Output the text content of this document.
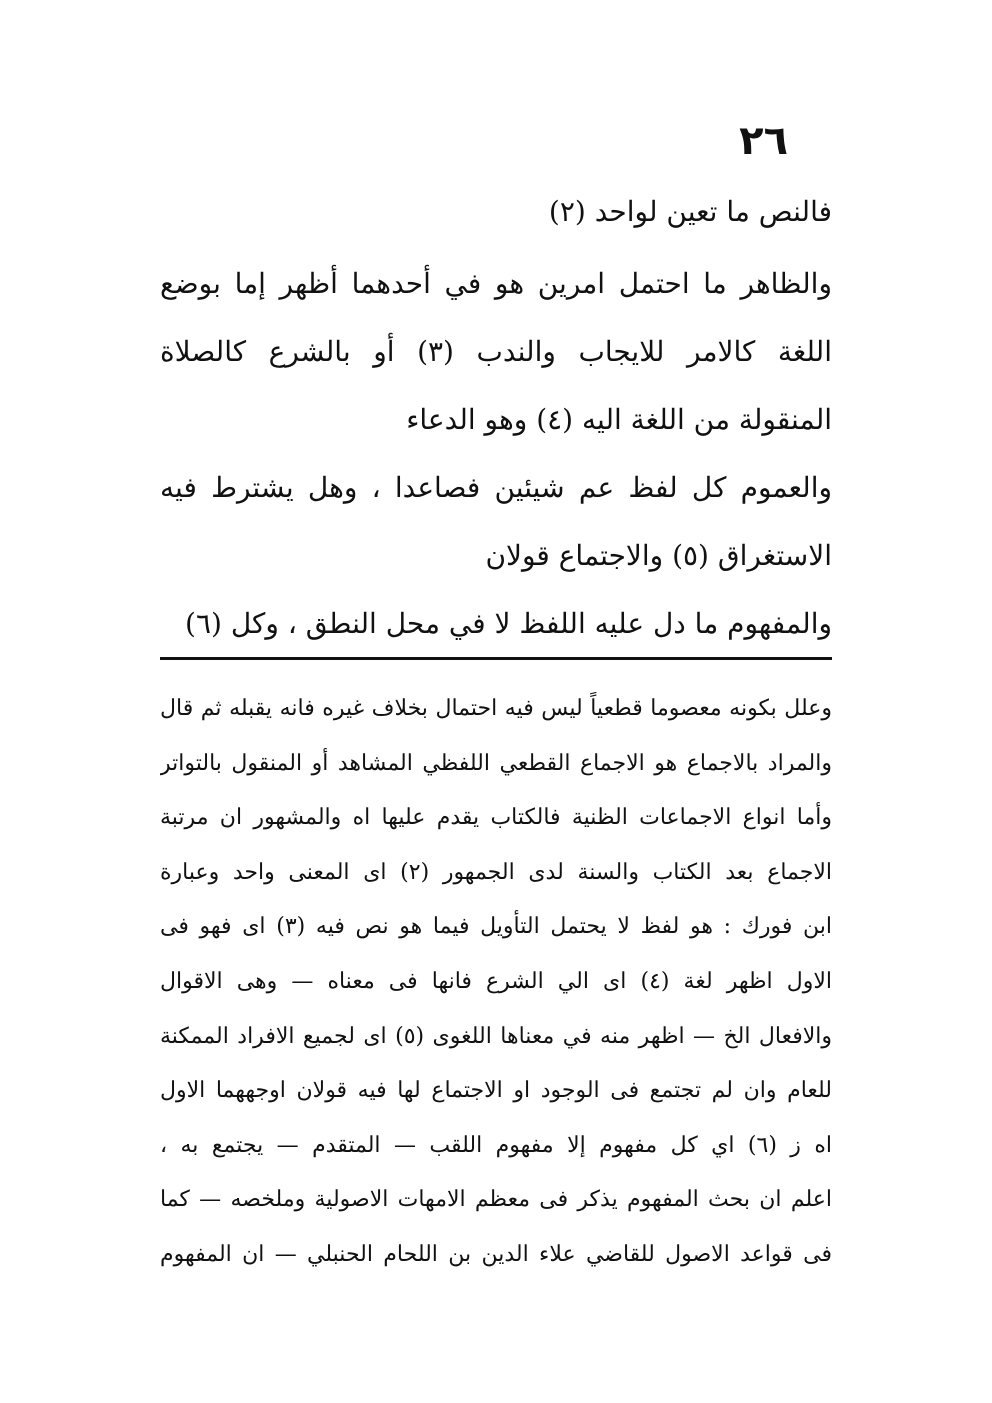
٢٦

فالنص ما تعين لواحد (٢)

والظاهر ما احتمل امرين هو في أحدهما أظهر إما بوضع اللغة كالامر للايجاب والندب (٣) أو بالشرع كالصلاة المنقولة من اللغة اليه (٤) وهو الدعاء

والعموم كل لفظ عم شيئين فصاعدا ، وهل يشترط فيه الاستغراق (٥) والاجتماع قولان

والمفهوم ما دل عليه اللفظ لا في محل النطق ، وكل (٦)

وعلل بكونه معصوما قطعياً ليس فيه احتمال بخلاف غيره فانه يقبله ثم قال
والمراد بالاجماع هو الاجماع القطعي اللفظي المشاهد أو المنقول بالتواتر
وأما انواع الاجماعات الظنية فالكتاب يقدم عليها اه والمشهور ان مرتبة
الاجماع بعد الكتاب والسنة لدى الجمهور (٢) اى المعنى واحد وعبارة
ابن فورك : هو لفظ لا يحتمل التأويل فيما هو نص فيه (٣) اى فهو فى
الاول اظهر لغة (٤) اى الي الشرع فانها فى معناه — وهى الاقوال
والافعال الخ — اظهر منه في معناها اللغوى (٥) اى لجميع الافراد الممكنة
للعام وان لم تجتمع فى الوجود او الاجتماع لها فيه قولان اوجههما الاول
اه ز (٦) اي كل مفهوم إلا مفهوم اللقب — المتقدم — يجتمع به ،
اعلم ان بحث المفهوم يذكر فى معظم الامهات الاصولية وملخصه — كما
فى قواعد الاصول للقاضي علاء الدين بن اللحام الحنبلي — ان المفهوم
